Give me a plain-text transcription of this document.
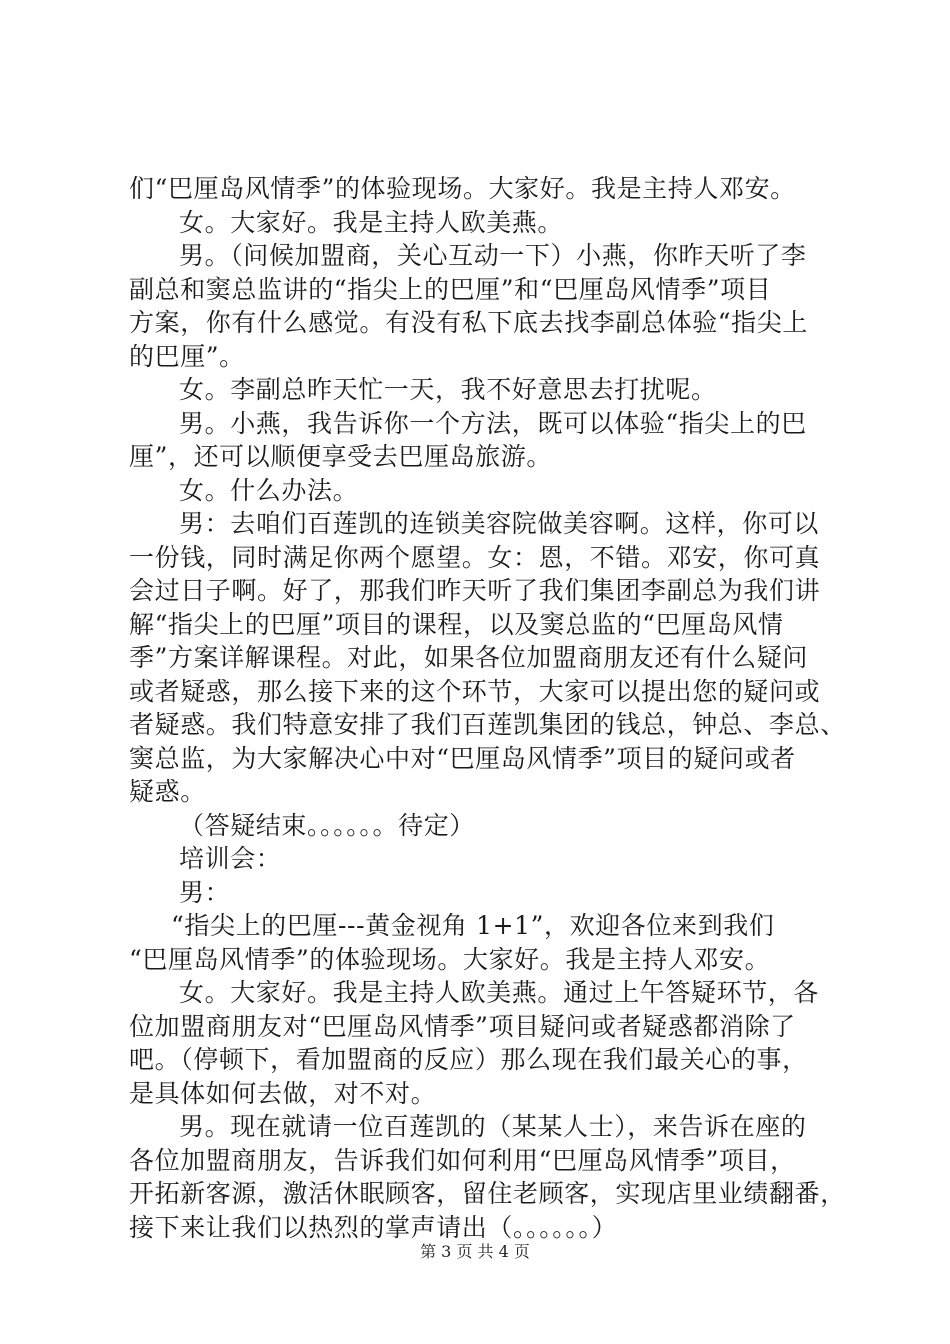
们“巴厘岛风情季”的体验现场。大家好。我是主持人邓安。
女。大家好。我是主持人欧美燕。
男。（问候加盟商，关心互动一下）小燕，你昨天听了李
副总和窦总监讲的“指尖上的巴厘”和“巴厘岛风情季”项目
方案，你有什么感觉。有没有私下底去找李副总体验“指尖上
的巴厘”。
女。李副总昨天忙一天，我不好意思去打扰呢。
男。小燕，我告诉你一个方法，既可以体验“指尖上的巴
厘”，还可以顺便享受去巴厘岛旅游。
女。什么办法。
男：去咱们百莲凯的连锁美容院做美容啊。这样，你可以
一份钱，同时满足你两个愿望。女：恩，不错。邓安，你可真
会过日子啊。好了，那我们昨天听了我们集团李副总为我们讲
解“指尖上的巴厘”项目的课程，以及窦总监的“巴厘岛风情
季”方案详解课程。对此，如果各位加盟商朋友还有什么疑问
或者疑惑，那么接下来的这个环节，大家可以提出您的疑问或
者疑惑。我们特意安排了我们百莲凯集团的钱总，钟总、李总、
窦总监，为大家解决心中对“巴厘岛风情季”项目的疑问或者
疑惑。
（答疑结束。。。。。。待定）
培训会：
男：
“指尖上的巴厘---黄金视角 1+1”，欢迎各位来到我们
“巴厘岛风情季”的体验现场。大家好。我是主持人邓安。
女。大家好。我是主持人欧美燕。通过上午答疑环节，各
位加盟商朋友对“巴厘岛风情季”项目疑问或者疑惑都消除了
吧。（停顿下，看加盟商的反应）那么现在我们最关心的事，
是具体如何去做，对不对。
男。现在就请一位百莲凯的（某某人士），来告诉在座的
各位加盟商朋友，告诉我们如何利用“巴厘岛风情季”项目，
开拓新客源，激活休眠顾客，留住老顾客，实现店里业绩翻番，
接下来让我们以热烈的掌声请出（。。。。。。）
第 3 页 共 4 页
